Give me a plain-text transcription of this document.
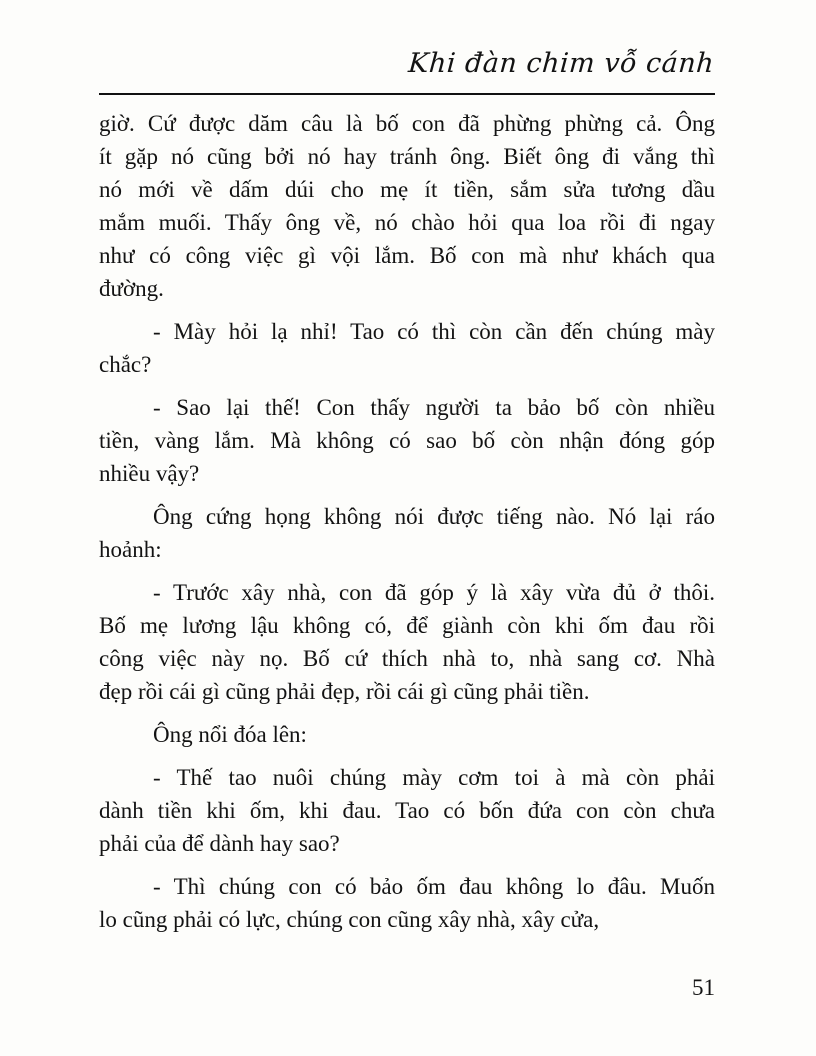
Khi đàn chim vỗ cánh
giờ. Cứ được dăm câu là bố con đã phừng phừng cả. Ông
ít gặp nó cũng bởi nó hay tránh ông. Biết ông đi vắng thì
nó mới về dấm dúi cho mẹ ít tiền, sắm sửa tương dầu
mắm muối. Thấy ông về, nó chào hỏi qua loa rồi đi ngay
như có công việc gì vội lắm. Bố con mà như khách qua
đường.
- Mày hỏi lạ nhỉ! Tao có thì còn cần đến chúng mày
chắc?
- Sao lại thế! Con thấy người ta bảo bố còn nhiều
tiền, vàng lắm. Mà không có sao bố còn nhận đóng góp
nhiều vậy?
Ông cứng họng không nói được tiếng nào. Nó lại ráo
hoảnh:
- Trước xây nhà, con đã góp ý là xây vừa đủ ở thôi.
Bố mẹ lương lậu không có, để giành còn khi ốm đau rồi
công việc này nọ. Bố cứ thích nhà to, nhà sang cơ. Nhà
đẹp rồi cái gì cũng phải đẹp, rồi cái gì cũng phải tiền.
Ông nổi đóa lên:
- Thế tao nuôi chúng mày cơm toi à mà còn phải
dành tiền khi ốm, khi đau. Tao có bốn đứa con còn chưa
phải của để dành hay sao?
- Thì chúng con có bảo ốm đau không lo đâu. Muốn
lo cũng phải có lực, chúng con cũng xây nhà, xây cửa,
51
